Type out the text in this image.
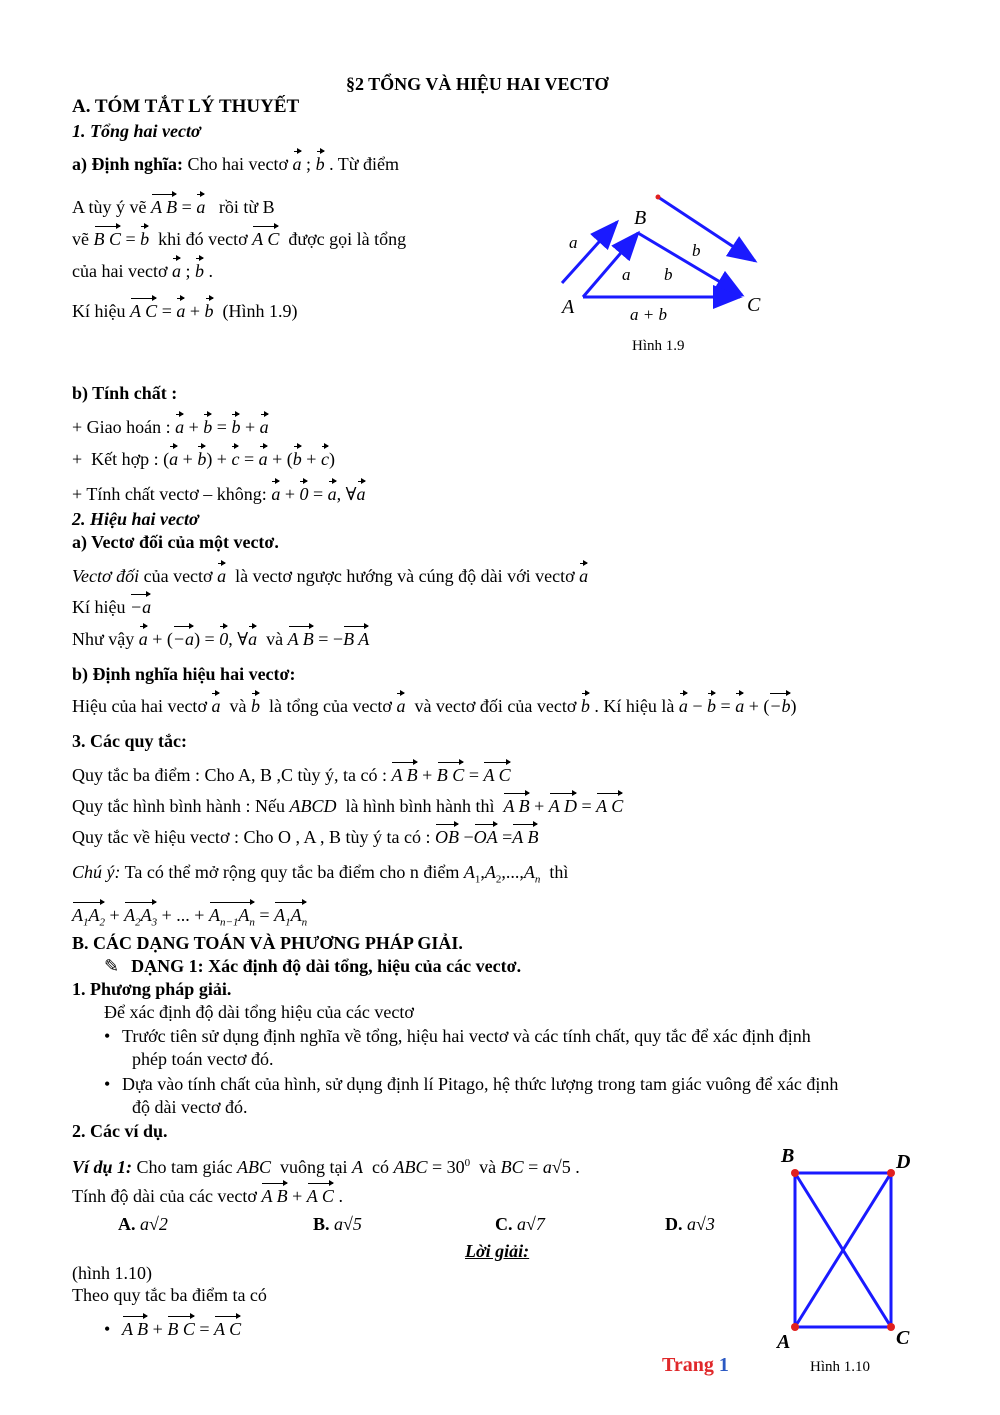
§2 TỔNG VÀ HIỆU HAI VECTƠ
A. TÓM TẮT LÝ THUYẾT
1. Tổng hai vectơ
a) Định nghĩa: Cho hai vectơ a ; b . Từ điểm
A tùy ý vẽ A B = a   rồi từ B
vẽ B C = b  khi đó vectơ A C  được gọi là tổng
của hai vectơ a ; b .
Kí hiệu A C = a + b  (Hình 1.9)	A
B
C
a
a b
b
a + b
Hình 1.9
b) Tính chất :
+ Giao hoán : a + b = b + a
+  Kết hợp : (a + b) + c = a + (b + c)
+ Tính chất vectơ – không: a + 0 = a, ∀a
2. Hiệu hai vectơ
a) Vectơ đối của một vectơ.
Vectơ đối của vectơ a  là vectơ ngược hướng và cúng độ dài với vectơ a
Kí hiệu −a
Như vậy a + (−a) = 0, ∀a  và A B = −B A
b) Định nghĩa hiệu hai vectơ:
Hiệu của hai vectơ a  và b  là tổng của vectơ a  và vectơ đối của vectơ b . Kí hiệu là a − b = a + (−b)
3. Các quy tắc:
Quy tắc ba điểm : Cho A, B ,C tùy ý, ta có : A B + B C = A C
Quy tắc hình bình hành : Nếu ABCD  là hình bình hành thì  A B + A D = A C
Quy tắc về hiệu vectơ : Cho O , A , B tùy ý ta có : OB −OA =A B
Chú ý: Ta có thể mở rộng quy tắc ba điểm cho n điểm $A_1,A_2,...,A_n$  thì
$A_1A_2 + A_2A_3$ + ... + $A_{n-1}A_n = A_1A_n$
B. CÁC DẠNG TOÁN VÀ PHƯƠNG PHÁP GIẢI.
✎ DẠNG 1: Xác định độ dài tổng, hiệu của các vectơ.
1. Phương pháp giải.
Để xác định độ dài tổng hiệu của các vectơ
• Trước tiên sử dụng định nghĩa về tổng, hiệu hai vectơ và các tính chất, quy tắc để xác định định
phép toán vectơ đó.
• Dựa vào tính chất của hình, sử dụng định lí Pitago, hệ thức lượng trong tam giác vuông để xác định
độ dài vectơ đó.
2. Các ví dụ.
Ví dụ 1: Cho tam giác ABC  vuông tại A  có ABC = $30^0$  và BC = a√5 .
Tính độ dài của các vectơ A B + A C .
A. a√2	B. a√5	C. a√7	D. a√3
Lời giải:
(hình 1.10)
Theo quy tắc ba điểm ta có
• A B + B C = A C
B	D
A	C
Hình 1.10
Trang 1
